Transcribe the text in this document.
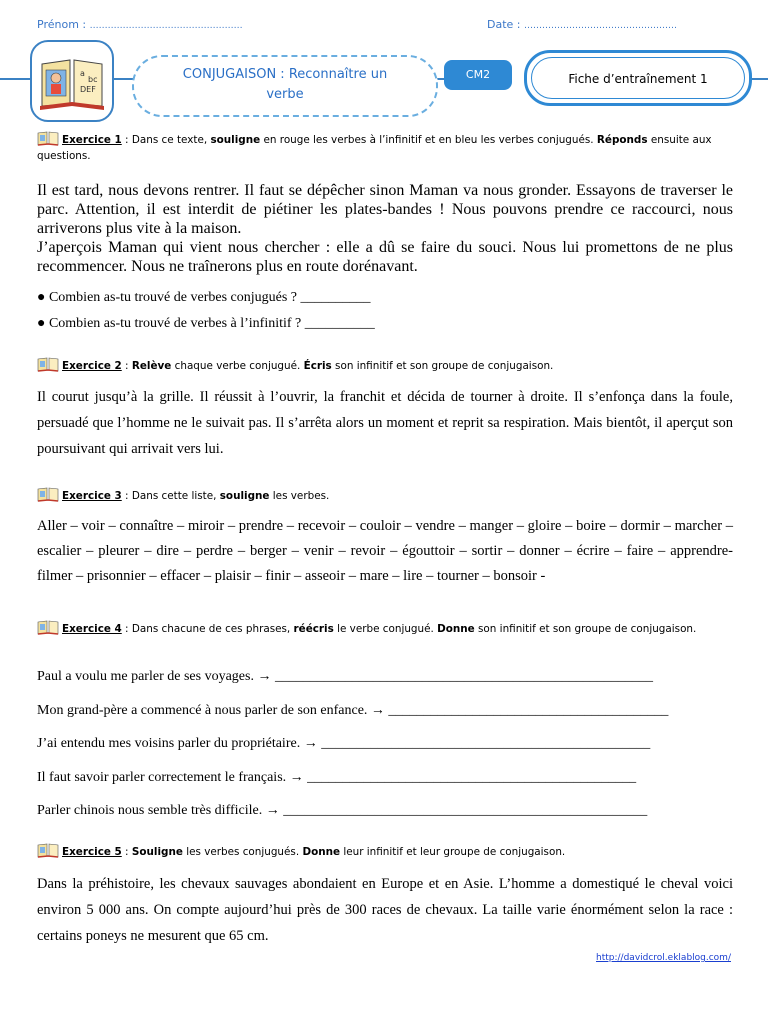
Prénom : ……………………………………………	Date : ……………………………………………
a
bc
DEF
CONJUGAISON : Reconnaître un
verbe
CM2	Fiche d’entraînement 1
Exercice 1 : Dans ce texte, souligne en rouge les verbes à l’infinitif et en bleu les verbes conjugués. Réponds ensuite aux questions.
Il est tard, nous devons rentrer. Il faut se dépêcher sinon Maman va nous gronder. Essayons de traverser le parc. Attention, il est interdit de piétiner les plates-bandes ! Nous pouvons prendre ce raccourci, nous arriverons plus vite à la maison.
J’aperçois Maman qui vient nous chercher : elle a dû se faire du souci. Nous lui promettons de ne plus recommencer. Nous ne traînerons plus en route dorénavant.
● Combien as-tu trouvé de verbes conjugués ? __________
● Combien as-tu trouvé de verbes à l’infinitif ? __________
Exercice 2 : Relève chaque verbe conjugué. Écris son infinitif et son groupe de conjugaison.
Il courut jusqu’à la grille. Il réussit à l’ouvrir, la franchit et décida de tourner à droite. Il s’enfonça dans la foule, persuadé que l’homme ne le suivait pas. Il s’arrêta alors un moment et reprit sa respiration. Mais bientôt, il aperçut son poursuivant qui arrivait vers lui.
Exercice 3 : Dans cette liste, souligne les verbes.
Aller – voir – connaître – miroir – prendre – recevoir – couloir – vendre – manger – gloire – boire – dormir – marcher – escalier – pleurer – dire – perdre – berger – venir – revoir – égouttoir – sortir – donner – écrire – faire – apprendre- filmer – prisonnier – effacer – plaisir – finir – asseoir – mare – lire – tourner – bonsoir -
Exercice 4 : Dans chacune de ces phrases, réécris le verbe conjugué. Donne son infinitif et son groupe de conjugaison.
Paul a voulu me parler de ses voyages. → ______________________________________________________
Mon grand-père a commencé à nous parler de son enfance. → ________________________________________
J’ai entendu mes voisins parler du propriétaire. → _______________________________________________
Il faut savoir parler correctement le français. → _______________________________________________
Parler chinois nous semble très difficile. → ____________________________________________________
Exercice 5 : Souligne les verbes conjugués. Donne leur infinitif et leur groupe de conjugaison.
Dans la préhistoire, les chevaux sauvages abondaient en Europe et en Asie. L’homme a domestiqué le cheval voici environ 5 000 ans. On compte aujourd’hui près de 300 races de chevaux. La taille varie énormément selon la race : certains poneys ne mesurent que 65 cm.
http://davidcrol.eklablog.com/
